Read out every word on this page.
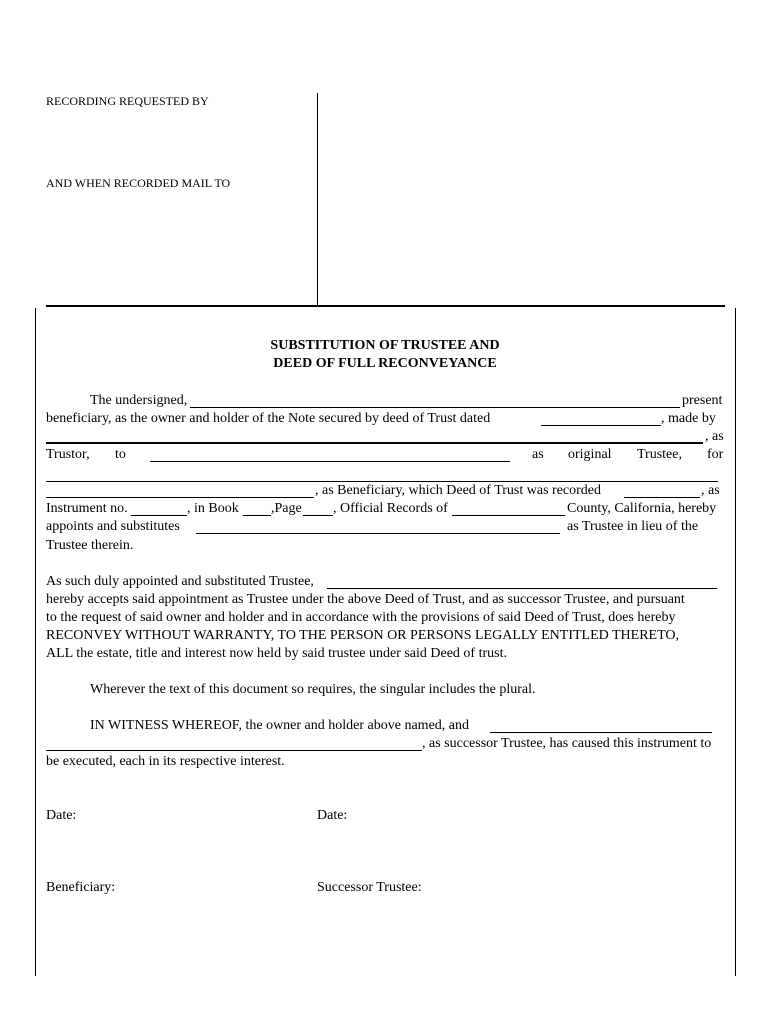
RECORDING REQUESTED BY
AND WHEN RECORDED MAIL TO
SUBSTITUTION OF TRUSTEE AND
DEED OF FULL RECONVEYANCE
The undersigned,	present
beneficiary, as the owner and holder of the Note secured by deed of Trust dated	, made by
, as
Trustor, to	as original Trustee, for
, as Beneficiary, which Deed of Trust was recorded	, as
Instrument no.	, in Book ,Page , Official Records of	County, California, hereby
appoints and substitutes	as Trustee in lieu of the
Trustee therein.
As such duly appointed and substituted Trustee,
hereby accepts said appointment as Trustee under the above Deed of Trust, and as successor Trustee, and pursuant
to the request of said owner and holder and in accordance with the provisions of said Deed of Trust, does hereby
RECONVEY WITHOUT WARRANTY, TO THE PERSON OR PERSONS LEGALLY ENTITLED THERETO,
ALL the estate, title and interest now held by said trustee under said Deed of trust.
Wherever the text of this document so requires, the singular includes the plural.
IN WITNESS WHEREOF, the owner and holder above named, and
, as successor Trustee, has caused this instrument to
be executed, each in its respective interest.
Date:	Date:
Beneficiary:	Successor Trustee:
